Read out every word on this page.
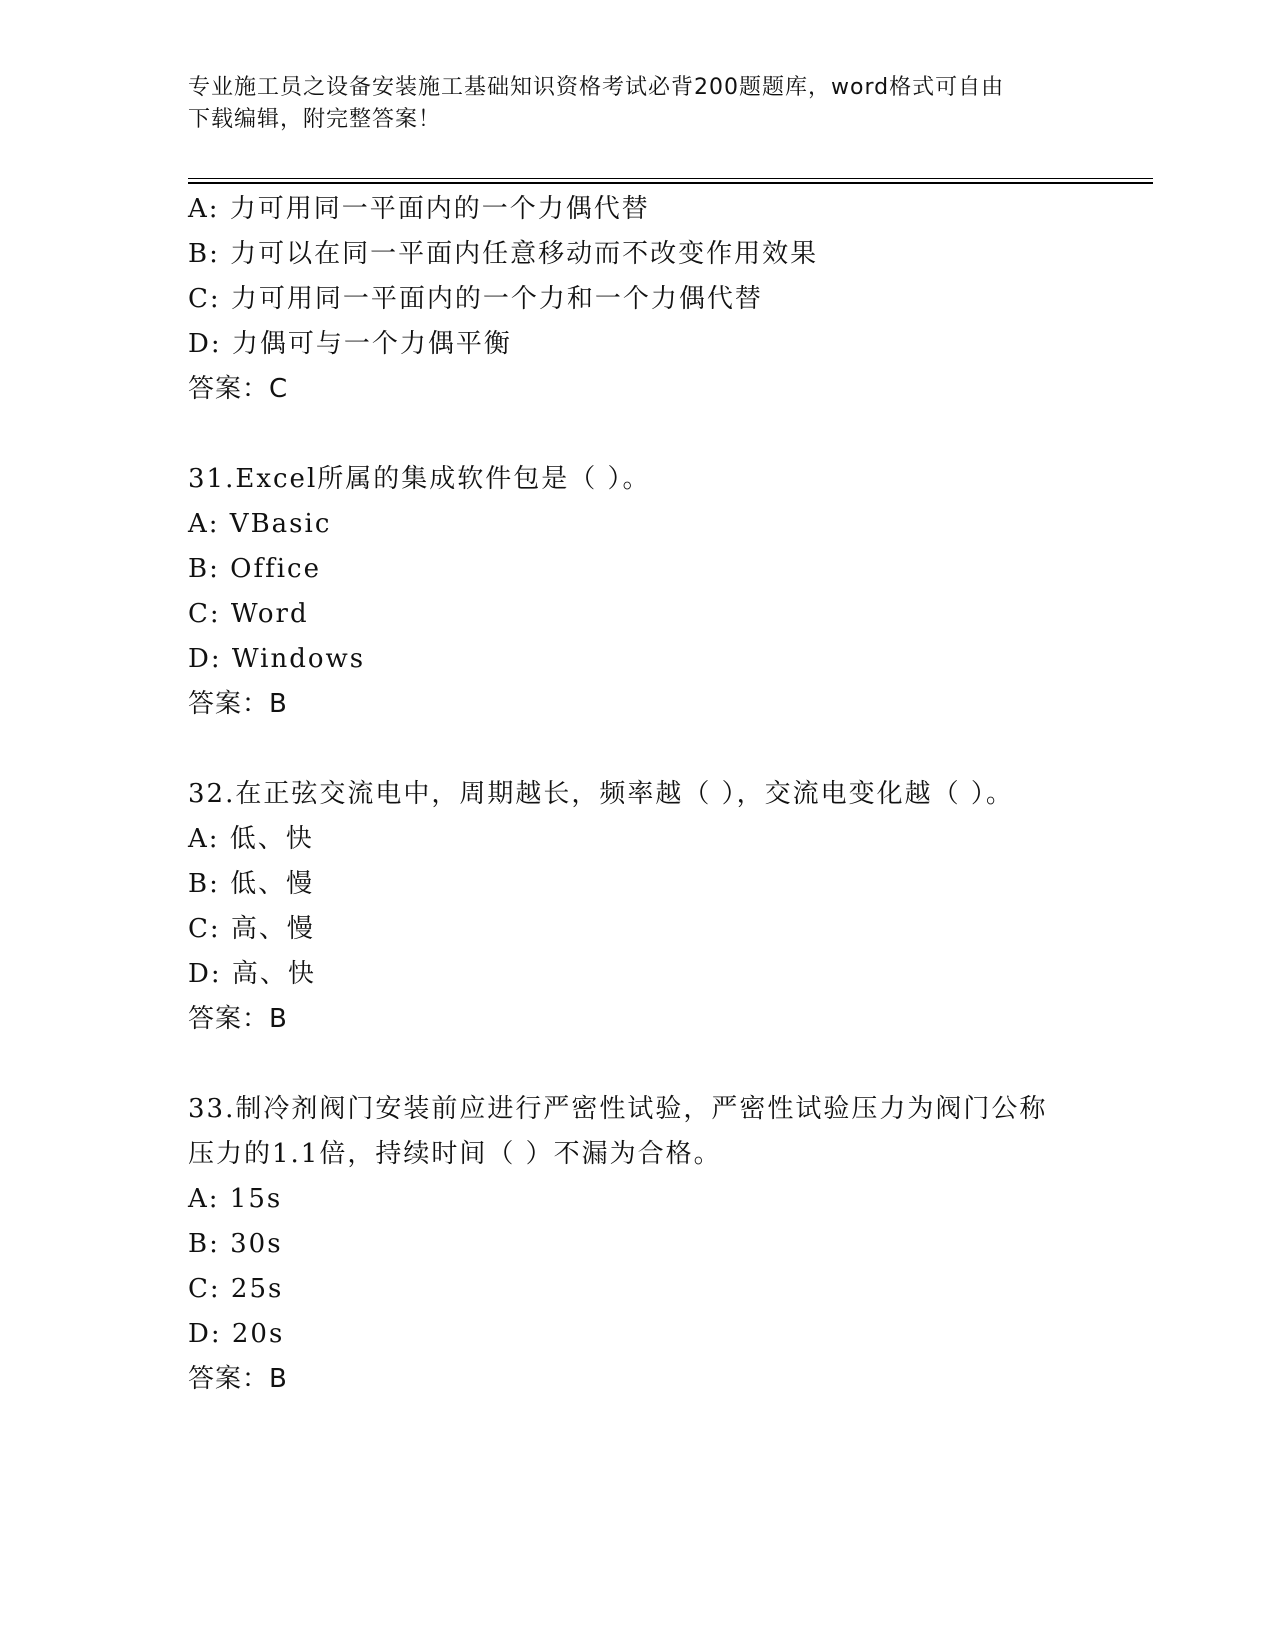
专业施工员之设备安装施工基础知识资格考试必背200题题库，word格式可自由
下载编辑，附完整答案！
A: 力可用同一平面内的一个力偶代替
B: 力可以在同一平面内任意移动而不改变作用效果
C: 力可用同一平面内的一个力和一个力偶代替
D: 力偶可与一个力偶平衡
答案：C
31.Excel所属的集成软件包是（ ）。
A: VBasic
B: Office
C: Word
D: Windows
答案：B
32.在正弦交流电中，周期越长，频率越（ ），交流电变化越（ ）。
A: 低、快
B: 低、慢
C: 高、慢
D: 高、快
答案：B
33.制冷剂阀门安装前应进行严密性试验，严密性试验压力为阀门公称
压力的1.1倍，持续时间（ ）不漏为合格。
A: 15s
B: 30s
C: 25s
D: 20s
答案：B
